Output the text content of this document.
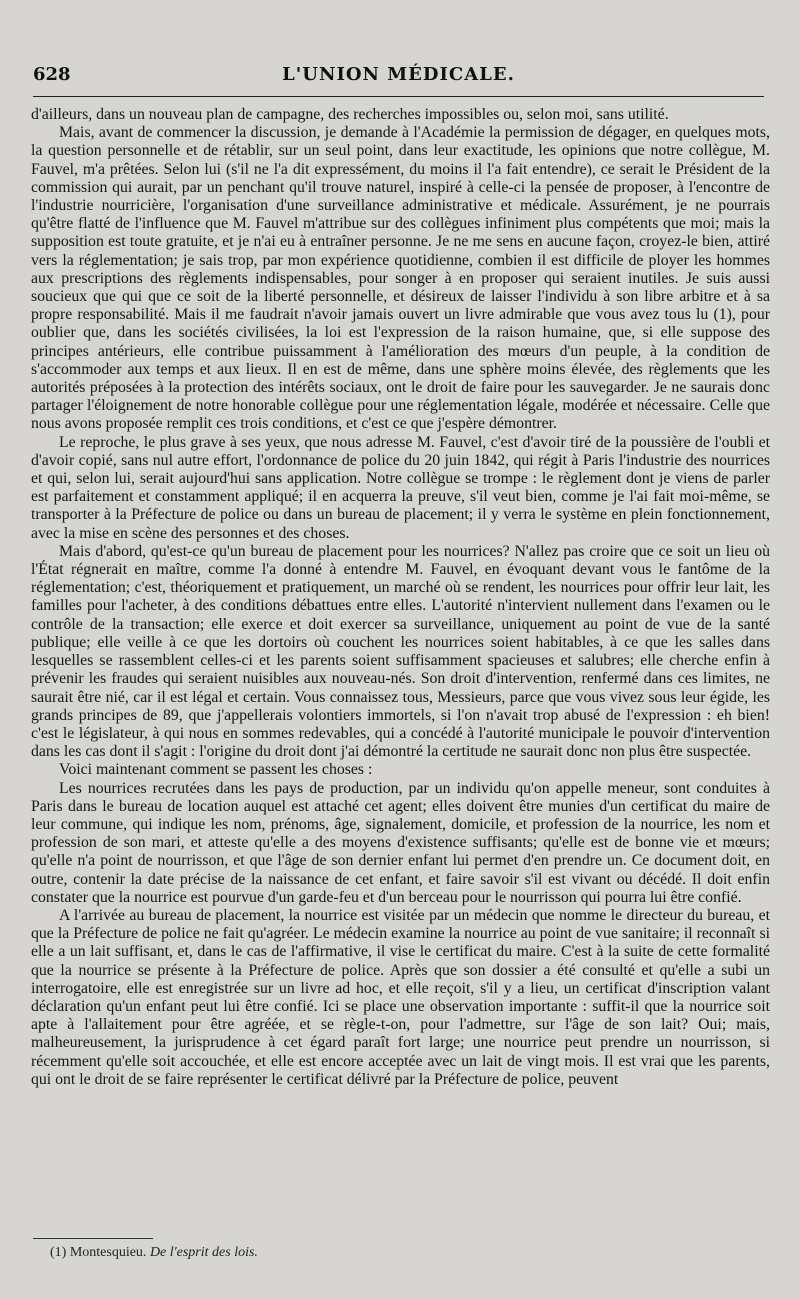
628	L'UNION MÉDICALE.

d'ailleurs, dans un nouveau plan de campagne, des recherches impossibles ou, selon moi, sans utilité.

Mais, avant de commencer la discussion, je demande à l'Académie la permission de dégager, en quelques mots, la question personnelle et de rétablir, sur un seul point, dans leur exactitude, les opinions que notre collègue, M. Fauvel, m'a prêtées. Selon lui (s'il ne l'a dit expressément, du moins il l'a fait entendre), ce serait le Président de la commission qui aurait, par un penchant qu'il trouve naturel, inspiré à celle-ci la pensée de proposer, à l'encontre de l'industrie nourricière, l'organisation d'une surveillance administrative et médicale. Assurément, je ne pourrais qu'être flatté de l'influence que M. Fauvel m'attribue sur des collègues infiniment plus compétents que moi; mais la supposition est toute gratuite, et je n'ai eu à entraîner personne. Je ne me sens en aucune façon, croyez-le bien, attiré vers la réglementation; je sais trop, par mon expérience quotidienne, combien il est difficile de ployer les hommes aux prescriptions des règlements indispensables, pour songer à en proposer qui seraient inutiles. Je suis aussi soucieux que qui que ce soit de la liberté personnelle, et désireux de laisser l'individu à son libre arbitre et à sa propre responsabilité. Mais il me faudrait n'avoir jamais ouvert un livre admirable que vous avez tous lu (1), pour oublier que, dans les sociétés civilisées, la loi est l'expression de la raison humaine, que, si elle suppose des principes antérieurs, elle contribue puissamment à l'amélioration des mœurs d'un peuple, à la condition de s'accommoder aux temps et aux lieux. Il en est de même, dans une sphère moins élevée, des règlements que les autorités préposées à la protection des intérêts sociaux, ont le droit de faire pour les sauvegarder. Je ne saurais donc partager l'éloignement de notre honorable collègue pour une réglementation légale, modérée et nécessaire. Celle que nous avons proposée remplit ces trois conditions, et c'est ce que j'espère démontrer.

Le reproche, le plus grave à ses yeux, que nous adresse M. Fauvel, c'est d'avoir tiré de la poussière de l'oubli et d'avoir copié, sans nul autre effort, l'ordonnance de police du 20 juin 1842, qui régit à Paris l'industrie des nourrices et qui, selon lui, serait aujourd'hui sans application. Notre collègue se trompe : le règlement dont je viens de parler est parfaitement et constamment appliqué; il en acquerra la preuve, s'il veut bien, comme je l'ai fait moi-même, se transporter à la Préfecture de police ou dans un bureau de placement; il y verra le système en plein fonctionnement, avec la mise en scène des personnes et des choses.

Mais d'abord, qu'est-ce qu'un bureau de placement pour les nourrices? N'allez pas croire que ce soit un lieu où l'État régnerait en maître, comme l'a donné à entendre M. Fauvel, en évoquant devant vous le fantôme de la réglementation; c'est, théoriquement et pratiquement, un marché où se rendent, les nourrices pour offrir leur lait, les familles pour l'acheter, à des conditions débattues entre elles. L'autorité n'intervient nullement dans l'examen ou le contrôle de la transaction; elle exerce et doit exercer sa surveillance, uniquement au point de vue de la santé publique; elle veille à ce que les dortoirs où couchent les nourrices soient habitables, à ce que les salles dans lesquelles se rassemblent celles-ci et les parents soient suffisamment spacieuses et salubres; elle cherche enfin à prévenir les fraudes qui seraient nuisibles aux nouveau-nés. Son droit d'intervention, renfermé dans ces limites, ne saurait être nié, car il est légal et certain. Vous connaissez tous, Messieurs, parce que vous vivez sous leur égide, les grands principes de 89, que j'appellerais volontiers immortels, si l'on n'avait trop abusé de l'expression : eh bien! c'est le législateur, à qui nous en sommes redevables, qui a concédé à l'autorité municipale le pouvoir d'intervention dans les cas dont il s'agit : l'origine du droit dont j'ai démontré la certitude ne saurait donc non plus être suspectée.

Voici maintenant comment se passent les choses :

Les nourrices recrutées dans les pays de production, par un individu qu'on appelle meneur, sont conduites à Paris dans le bureau de location auquel est attaché cet agent; elles doivent être munies d'un certificat du maire de leur commune, qui indique les nom, prénoms, âge, signalement, domicile, et profession de la nourrice, les nom et profession de son mari, et atteste qu'elle a des moyens d'existence suffisants; qu'elle est de bonne vie et mœurs; qu'elle n'a point de nourrisson, et que l'âge de son dernier enfant lui permet d'en prendre un. Ce document doit, en outre, contenir la date précise de la naissance de cet enfant, et faire savoir s'il est vivant ou décédé. Il doit enfin constater que la nourrice est pourvue d'un garde-feu et d'un berceau pour le nourrisson qui pourra lui être confié.

A l'arrivée au bureau de placement, la nourrice est visitée par un médecin que nomme le directeur du bureau, et que la Préfecture de police ne fait qu'agréer. Le médecin examine la nourrice au point de vue sanitaire; il reconnaît si elle a un lait suffisant, et, dans le cas de l'affirmative, il vise le certificat du maire. C'est à la suite de cette formalité que la nourrice se présente à la Préfecture de police. Après que son dossier a été consulté et qu'elle a subi un interrogatoire, elle est enregistrée sur un livre ad hoc, et elle reçoit, s'il y a lieu, un certificat d'inscription valant déclaration qu'un enfant peut lui être confié. Ici se place une observation importante : suffit-il que la nourrice soit apte à l'allaitement pour être agréée, et se règle-t-on, pour l'admettre, sur l'âge de son lait? Oui; mais, malheureusement, la jurisprudence à cet égard paraît fort large; une nourrice peut prendre un nourrisson, si récemment qu'elle soit accouchée, et elle est encore acceptée avec un lait de vingt mois. Il est vrai que les parents, qui ont le droit de se faire représenter le certificat délivré par la Préfecture de police, peuvent

(1) Montesquieu. De l'esprit des lois.
